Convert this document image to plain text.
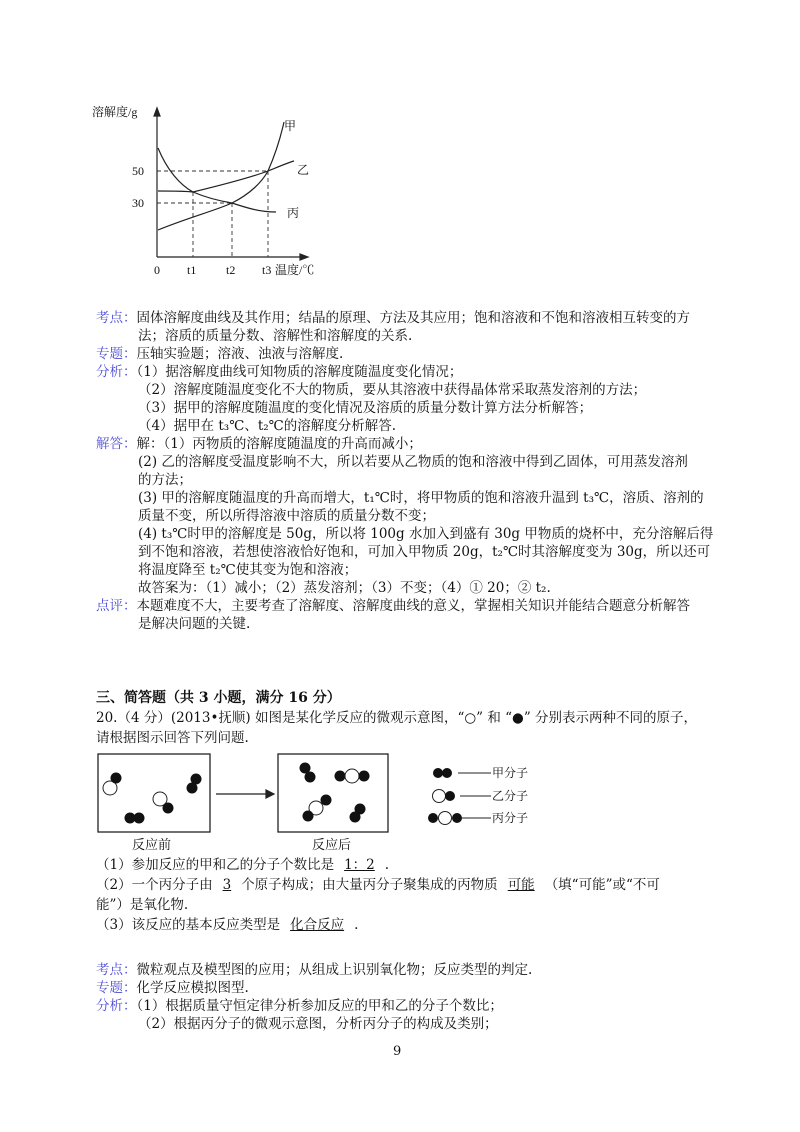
溶解度/g
50
30
0 t1 t2 t3 温度/℃
甲
乙
丙
考点：固体溶解度曲线及其作用；结晶的原理、方法及其应用；饱和溶液和不饱和溶液相互转变的方
法；溶质的质量分数、溶解性和溶解度的关系.
专题：压轴实验题；溶液、浊液与溶解度.
分析：（1）据溶解度曲线可知物质的溶解度随温度变化情况；
（2）溶解度随温度变化不大的物质，要从其溶液中获得晶体常采取蒸发溶剂的方法；
（3）据甲的溶解度随温度的变化情况及溶质的质量分数计算方法分析解答；
（4）据甲在 t₃℃、t₂℃的溶解度分析解答.
解答：解：（1）丙物质的溶解度随温度的升高而减小；
(2) 乙的溶解度受温度影响不大，所以若要从乙物质的饱和溶液中得到乙固体，可用蒸发溶剂
的方法；
(3) 甲的溶解度随温度的升高而增大，t₁℃时，将甲物质的饱和溶液升温到 t₃℃，溶质、溶剂的
质量不变，所以所得溶液中溶质的质量分数不变；
(4) t₃℃时甲的溶解度是 50g，所以将 100g 水加入到盛有 30g 甲物质的烧杯中，充分溶解后得
到不饱和溶液，若想使溶液恰好饱和，可加入甲物质 20g，t₂℃时其溶解度变为 30g，所以还可
将温度降至 t₂℃使其变为饱和溶液；
故答案为：（1）减小；（2）蒸发溶剂；（3）不变；（4）① 20；② t₂.
点评：本题难度不大，主要考查了溶解度、溶解度曲线的意义，掌握相关知识并能结合题意分析解答
是解决问题的关键.
三、简答题（共 3 小题，满分 16 分）
20.（4 分）(2013•抚顺) 如图是某化学反应的微观示意图，“○” 和 “●” 分别表示两种不同的原子，
请根据图示回答下列问题.
甲分子
乙分子
丙分子
反应前	反应后
（1）参加反应的甲和乙的分子个数比是 1：2 .
（2）一个丙分子由 3 个原子构成；由大量丙分子聚集成的丙物质 可能 （填“可能”或“不可
能”）是氧化物.
（3）该反应的基本反应类型是 化合反应 .
考点：微粒观点及模型图的应用；从组成上识别氧化物；反应类型的判定.
专题：化学反应模拟图型.
分析：（1）根据质量守恒定律分析参加反应的甲和乙的分子个数比；
（2）根据丙分子的微观示意图，分析丙分子的构成及类别；
9
